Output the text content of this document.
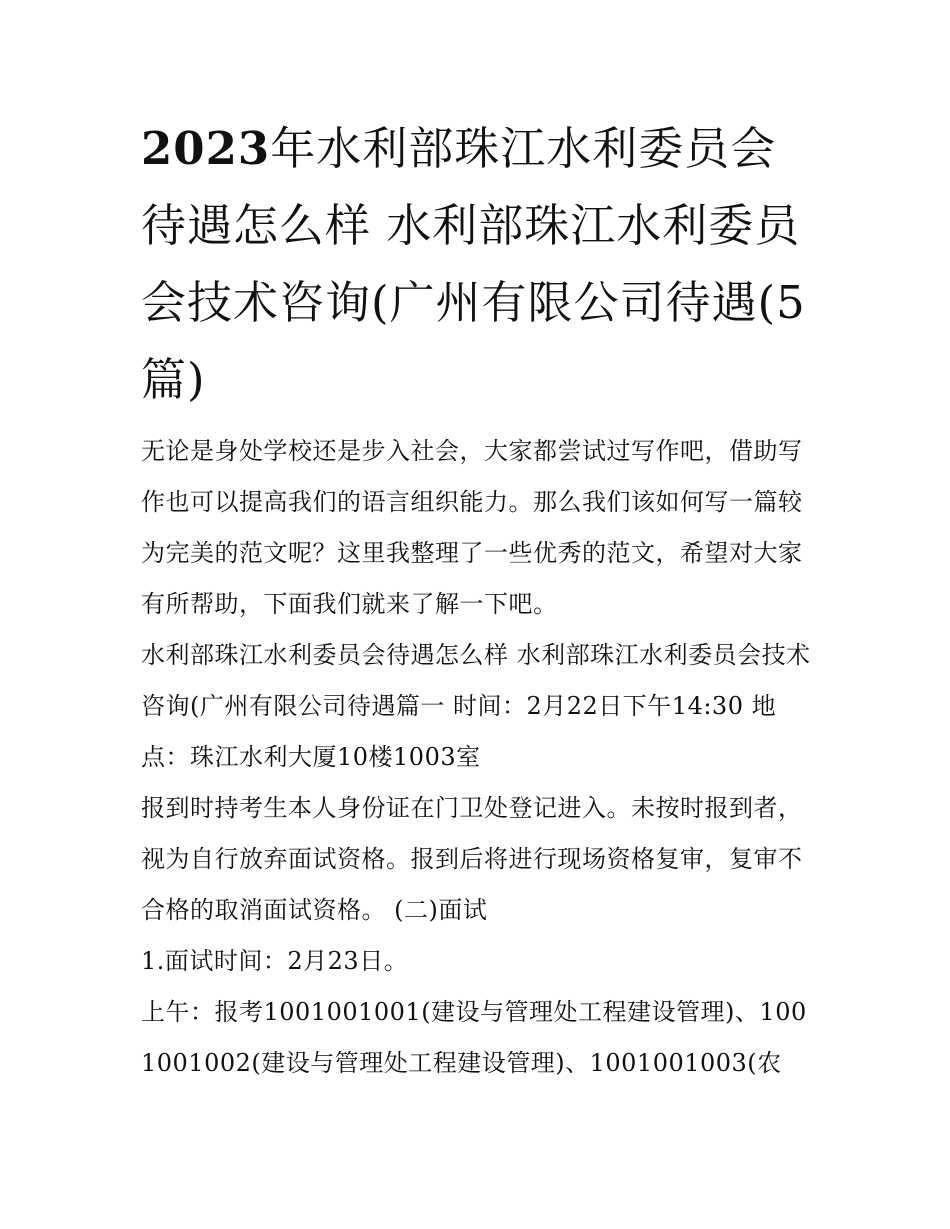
2023年水利部珠江水利委员会待遇怎么样 水利部珠江水利委员会技术咨询(广州有限公司待遇(5篇)

无论是身处学校还是步入社会，大家都尝试过写作吧，借助写作也可以提高我们的语言组织能力。那么我们该如何写一篇较为完美的范文呢？这里我整理了一些优秀的范文，希望对大家有所帮助，下面我们就来了解一下吧。

水利部珠江水利委员会待遇怎么样 水利部珠江水利委员会技术咨询(广州有限公司待遇篇一 时间：2月22日下午14:30 地点：珠江水利大厦10楼1003室

报到时持考生本人身份证在门卫处登记进入。未按时报到者，视为自行放弃面试资格。报到后将进行现场资格复审，复审不合格的取消面试资格。 (二)面试

1.面试时间：2月23日。

上午：报考1001001001(建设与管理处工程建设管理)、1001001002(建设与管理处工程建设管理)、1001001003(农
